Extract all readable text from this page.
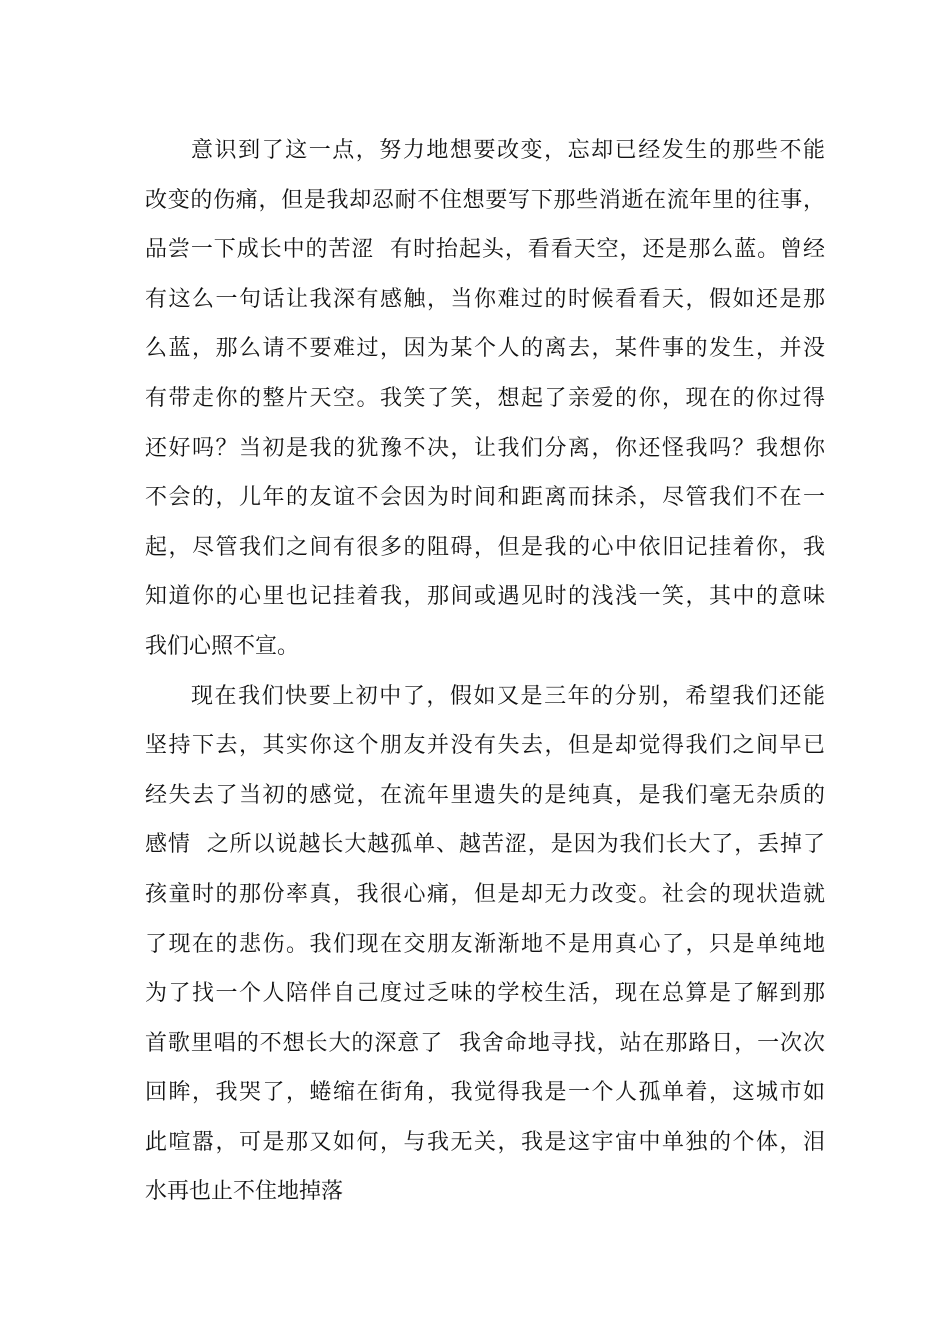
意识到了这一点，努力地想要改变，忘却已经发生的那些不能
改变的伤痛，但是我却忍耐不住想要写下那些消逝在流年里的往事，
品尝一下成长中的苦涩  有时抬起头，看看天空，还是那么蓝。曾经
有这么一句话让我深有感触，当你难过的时候看看天，假如还是那
么蓝，那么请不要难过，因为某个人的离去，某件事的发生，并没
有带走你的整片天空。我笑了笑，想起了亲爱的你，现在的你过得
还好吗？当初是我的犹豫不决，让我们分离，你还怪我吗？我想你
不会的，儿年的友谊不会因为时间和距离而抹杀，尽管我们不在一
起，尽管我们之间有很多的阻碍，但是我的心中依旧记挂着你，我
知道你的心里也记挂着我，那间或遇见时的浅浅一笑，其中的意味
我们心照不宣。
现在我们快要上初中了，假如又是三年的分别，希望我们还能
坚持下去，其实你这个朋友并没有失去，但是却觉得我们之间早已
经失去了当初的感觉，在流年里遗失的是纯真，是我们毫无杂质的
感情  之所以说越长大越孤单、越苦涩，是因为我们长大了，丢掉了
孩童时的那份率真，我很心痛，但是却无力改变。社会的现状造就
了现在的悲伤。我们现在交朋友渐渐地不是用真心了，只是单纯地
为了找一个人陪伴自己度过乏味的学校生活，现在总算是了解到那
首歌里唱的不想长大的深意了  我舍命地寻找，站在那路日，一次次
回眸，我哭了，蜷缩在街角，我觉得我是一个人孤单着，这城市如
此喧嚣，可是那又如何，与我无关，我是这宇宙中单独的个体，泪
水再也止不住地掉落
